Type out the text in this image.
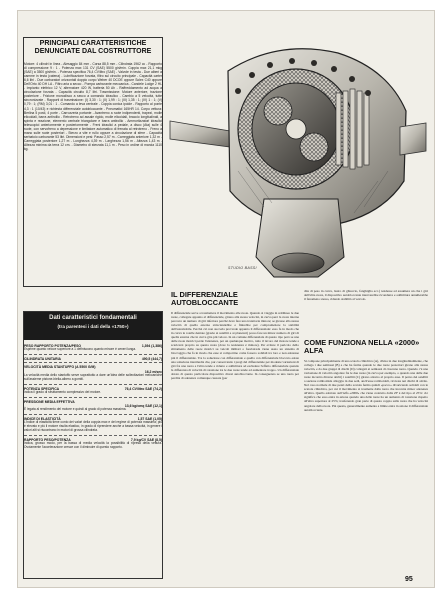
PRINCIPALI CARATTERISTICHE DENUNCIATE DAL COSTRUTTORE

Motore: 4 cilindri in linea - Alesaggio 84 mm - Corsa 88,5 mm - Cilindrata 1962 cc - Rapporto di compressione 9 : 1 - Potenza max 131 CV (SAE) 5500 giri/min. Coppia max 21,1 mkg (SAE) a 3500 giri/min. - Potenza specifica 76,4 CV/litro (SAE) - Valvole in testa - Due alberi a camme in testa (catena) - Lubrificazione forzata, filtro sul circuito principale - Capacità carter 6,6 litri - Due carburatori orizzontali doppio corpo Weber 40 DCOE oppure Solex C40 oppure Dell'Orto 40 DH LA - Filtro aria a secco - Pompa carburante meccanica - Candele Lodge 2 HL - Impianto elettrico 12 V, alternatore 420 W, batteria 50 Ah - Raffreddamento ad acqua a circolazione forzata - Capacità circuito 8,7 litri. Trasmissione: Motore anteriore, trazione posteriore - Frizione monodisco a secco a comando idraulico - Cambio a 5 velocità, tutte sincronizzate - Rapporti di trasmissione: (I) 3,30 : 1; (II) 1,99 : 1; (III) 1,35 : 1; (IV) 1 : 1; (V) 0,79 : 1; (RM) 3,01 : 1 - Comando a leva centrale - Coppia conica ipoide - Rapporto al ponte 4,3 : 1 (10/43) e richiesta differenziale autobloccante - Pneumatici 165HR 14. Corpo vettura: Berlina 5 posti, 4 porte - Carrozzeria portante - Avantreno a ruote indipendenti, trapezi, molle elicoidali, barra antirollio - Retrotreno ad assale rigido, molle elicoidali, braccio longitudinali, a spinta e reazione, elemento centrale triangolare e barra antirollio - Ammortizzatori idraulici telescopici anteriormente e posteriormente - Freni idraulici a pedale, a disco (Ata) sulle 4 ruote, con servofreno a depressione e limitatore automatico di frenata al retrotreno - Freno a mano sulle ruote posteriori - Sterzo a vite e rullo oppure a circolazione di sfere - Capacità serbatoio carburante 53 litri. Dimensioni e pesi: Passo 2,57 m - Carreggiata anteriore 1,32 m - Carreggiata posteriore 1,27 m - Lunghezza 4,39 m - Larghezza 1,56 m - Altezza 1,43 m - Altezza minima da terra 12 cm. - Diametro di sterzata 11,1 m - Peso in ordine di marcia 1110 kg.

Dati caratteristici fondamentali
(tra parentesi i dati della «1750»)
PESO RAPPORTO POTENZA/PESO	1,394 (1,386)

Esprime quanto veloce superiore a 1 definiscono quanto minore è ceneri lunga.

CILINDRATA UNITARIA	490,5 (444,7)
VELOCITÀ MEDIA STANTUFFO (A 5500 G/M)
16,2 m/sec

La velocità media dello stantuffo serve soprattutto a dare un'idea delle sollecitazioni meccaniche sull'assieme pistone-biella-albero a gomiti.

POTENZA SPECIFICA	76,4 CV/litro SAE (74,2)

Indica il grado di sfruttamento complessivo del motore.

PRESSIONE MEDIA EFFETTIVA
13,6 kg/cmq SAE (12,1)

È legata al rendimento del motore e quindi al grado di potenza massima.

INDICE DI ELASTICITÀ	1,57 SAE (1,05)

L'indice di elasticità tiene conto dei valori della coppia max e del regime di potenza massima; più è elevato e più il motore risulta elastico, in grado di riprendere anche a bassa velocità, in genere i valori alti si riscontrano in motori di grossa cilindrata.

RAPPORTO PESO/POTENZA	7,9 kg/CV SAE (8,5)

Indica, grosso modo, per la bassa di media velocità la possibilità di ripresa della vettura. Ovviamente l'accelerazione cresce con il diminuire di questo rapporto.

STUDIO BASSI

IL DIFFERENZIALE AUTOBLOCCANTE

Il differenziale serve a trasmettere il movimento alle ruote. Quando si viaggia in rettilineo le due ruote, collegate appunto al differenziale, girano alla stessa velocità, in curva però la ruota interna percorre un numero di giri inferiore perché deve fare una traiettoria minore; se girasse alla stessa velocità di quella esterna strisciandebbe e finirebbe per compromettere la stabilità dell'automobile. Perché ciò non succeda provvede appunto il differenziale: esso fa in modo che in curva le rotelle dentate (grazie ai satelliti e ai planetari) posso fare un minor numero di giri di quella esterna che in curva gira più veloce. In un comune differenziale di questo tipo però se una delle ruote motrici perde l'aderenza, per un qualunque motivo, tutto il lavoro del motore tende a scaricarsi proprio su questa ruota (dove la resistenza è minore). Per evitare il pericolo dello slittamento delle ruote motrici su veicoli militari o fuoristrada viene usato un sistema di bloccaggio che fa in modo che esse si comportino come fossero solidali tra loro e non esistesse più il differenziale. Tra la soluzione con differenziale e quella con differenziale bloccato esiste una soluzione intermedia che, pur conservando i pregi del differenziale per modeste variazioni di giri fra una ruota e l'altra tende a ridurre e addirittura ad escludere l'effetto differenziale quando la differenza di velocità di rotazione tra le due ruote tende ad aumentare troppo. Un differenziale dotato di questo particolare dispositivo dicesi autobloccante. In conseguenza se una ruota per perdita di aderenza comunque causata (per

dita di peso in curva, lastro di ghiaccio, fanghiglia ecc.) tendesse ad assumere un che i giri dell'altra ruota, il dispositivo autobloccante interverebbe ricondurre e addirittura annullerebbe il fenomeno stesso, ridando stabilità al veicolo.

COME FUNZIONA NELLA «2000» ALFA

Si compone principalmente di una scatola cilindrica (A), divisa in due longitudinalmente, che collega i due semiassi (B) e che ha ferme quando le due ruote posteriori girano alla stessa velocità, e da due gruppi di dischi (D) collegati ai semiassi di ciascuna ruota. Quando c'è una variazione di velocità angolare fra le due ruote (in curva per esempio, o quando una delle due ruote incontra diverse attriti) i satelliti (C) girano attorno al proprio asse. Il perno dei satelliti a sezione romboidale alloggia in due sedi, anch'esse romboidali, ricavate nei dischi di attrito. Nel caso normale di due pezzi della scatola ferma quindi «pacco» divaricando solidali con le scatole cilindrica, per cui il movimento si trasmette dalla ruota che incontra minor aderenza all'altra. Quello adottato sull'Alfa «2000» che viene costruito dalla ZF è del tipo al 25%: ciò significa che esso entra in azione quando una delle ruote ha un aumento di rotazione rispetto all'altra superiore al 25%; trasferendo gran parte di questa coppia sulla ruota che ha velocità angolare della ruota. Più questa, generalmente aumenta a limite entra in azione il differenziale autobloccante.

95
